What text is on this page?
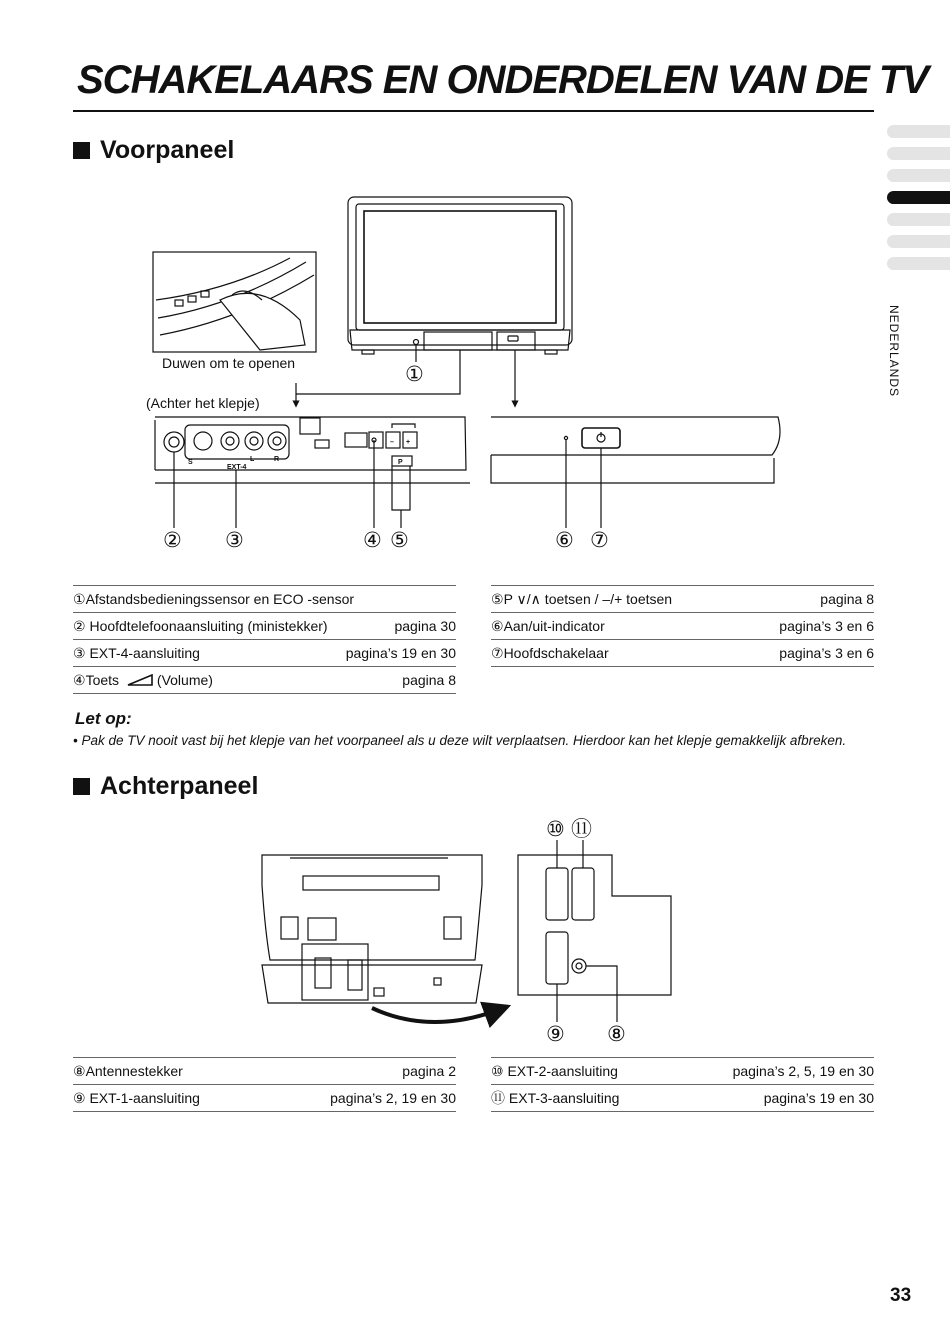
SCHAKELAARS EN ONDERDELEN VAN DE TV
NEDERLANDS
Voorpaneel
S	L	R
EXT-4
P
– +
Duwen om te openen
(Achter het klepje)
①
② ③	④ ⑤	⑥ ⑦
①Afstandsbedieningssensor en ECO -sensor
② Hoofdtelefoonaansluiting (ministekker)	pagina 30
③ EXT-4-aansluiting	pagina’s 19 en 30
④Toets	(Volume)	pagina 8
⑤P ∨/∧ toetsen / –/+ toetsen	pagina 8
⑥Aan/uit-indicator	pagina’s 3 en 6
⑦Hoofdschakelaar	pagina’s 3 en 6
Let op:

• Pak de TV nooit vast bij het klepje van het voorpaneel als u deze wilt verplaatsen. Hierdoor kan het klepje gemakkelijk afbreken.

Achterpaneel
⑩ ⑪
⑨ ⑧
⑧Antennestekker	pagina 2
⑨ EXT-1-aansluiting	pagina’s 2, 19 en 30
⑩ EXT-2-aansluiting	pagina’s 2, 5, 19 en 30
⑪ EXT-3-aansluiting	pagina’s 19 en 30
33
